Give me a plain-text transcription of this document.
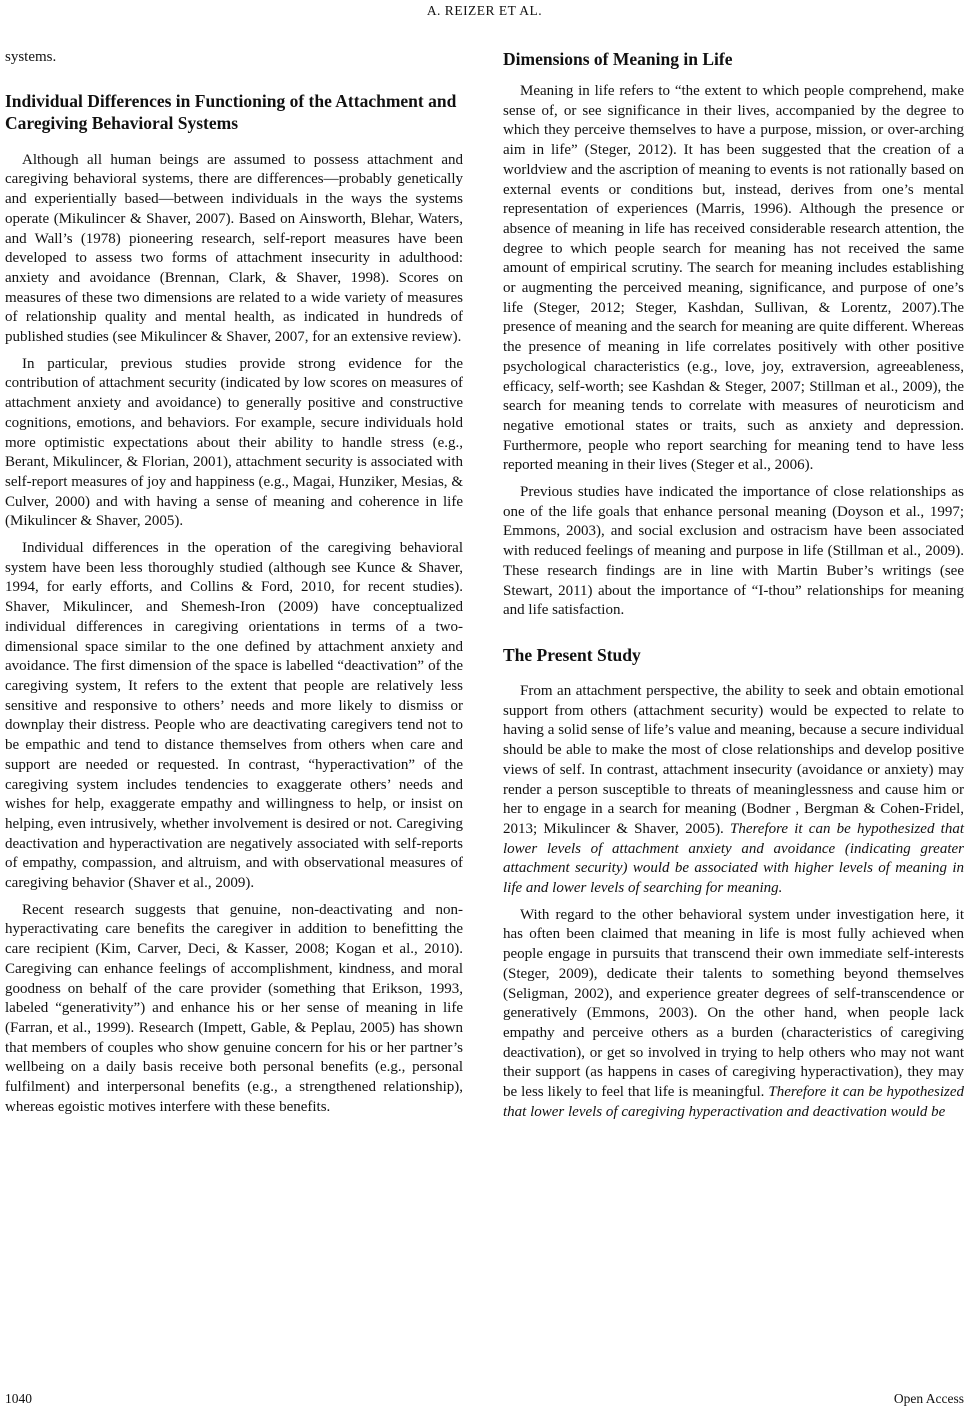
A. REIZER ET AL.

systems.

Individual Differences in Functioning of the Attachment and Caregiving Behavioral Systems

Although all human beings are assumed to possess attachment and caregiving behavioral systems, there are differences—probably genetically and experientially based—between individuals in the ways the systems operate (Mikulincer & Shaver, 2007). Based on Ainsworth, Blehar, Waters, and Wall’s (1978) pioneering research, self-report measures have been developed to assess two forms of attachment insecurity in adulthood: anxiety and avoidance (Brennan, Clark, & Shaver, 1998). Scores on measures of these two dimensions are related to a wide variety of measures of relationship quality and mental health, as indicated in hundreds of published studies (see Mikulincer & Shaver, 2007, for an extensive review).

In particular, previous studies provide strong evidence for the contribution of attachment security (indicated by low scores on measures of attachment anxiety and avoidance) to generally positive and constructive cognitions, emotions, and behaviors. For example, secure individuals hold more optimistic expectations about their ability to handle stress (e.g., Berant, Mikulincer, & Florian, 2001), attachment security is associated with self-report measures of joy and happiness (e.g., Magai, Hunziker, Mesias, & Culver, 2000) and with having a sense of meaning and coherence in life (Mikulincer & Shaver, 2005).

Individual differences in the operation of the caregiving behavioral system have been less thoroughly studied (although see Kunce & Shaver, 1994, for early efforts, and Collins & Ford, 2010, for recent studies). Shaver, Mikulincer, and Shemesh-Iron (2009) have conceptualized individual differences in caregiving orientations in terms of a two-dimensional space similar to the one defined by attachment anxiety and avoidance. The first dimension of the space is labelled “deactivation” of the caregiving system, It refers to the extent that people are relatively less sensitive and responsive to others’ needs and more likely to dismiss or downplay their distress. People who are deactivating caregivers tend not to be empathic and tend to distance themselves from others when care and support are needed or requested. In contrast, “hyperactivation” of the caregiving system includes tendencies to exaggerate others’ needs and wishes for help, exaggerate empathy and willingness to help, or insist on helping, even intrusively, whether involvement is desired or not. Caregiving deactivation and hyperactivation are negatively associated with self-reports of empathy, compassion, and altruism, and with observational measures of caregiving behavior (Shaver et al., 2009).

Recent research suggests that genuine, non-deactivating and non-hyperactivating care benefits the caregiver in addition to benefitting the care recipient (Kim, Carver, Deci, & Kasser, 2008; Kogan et al., 2010). Caregiving can enhance feelings of accomplishment, kindness, and moral goodness on behalf of the care provider (something that Erikson, 1993, labeled “generativity”) and enhance his or her sense of meaning in life (Farran, et al., 1999). Research (Impett, Gable, & Peplau, 2005) has shown that members of couples who show genuine concern for his or her partner’s wellbeing on a daily basis receive both personal benefits (e.g., personal fulfilment) and interpersonal benefits (e.g., a strengthened relationship), whereas egoistic motives interfere with these benefits.

Dimensions of Meaning in Life

Meaning in life refers to “the extent to which people comprehend, make sense of, or see significance in their lives, accompanied by the degree to which they perceive themselves to have a purpose, mission, or over-arching aim in life” (Steger, 2012). It has been suggested that the creation of a worldview and the ascription of meaning to events is not rationally based on external events or conditions but, instead, derives from one’s mental representation of experiences (Marris, 1996). Although the presence or absence of meaning in life has received considerable research attention, the degree to which people search for meaning has not received the same amount of empirical scrutiny. The search for meaning includes establishing or augmenting the perceived meaning, significance, and purpose of one’s life (Steger, 2012; Steger, Kashdan, Sullivan, & Lorentz, 2007).The presence of meaning and the search for meaning are quite different. Whereas the presence of meaning in life correlates positively with other positive psychological characteristics (e.g., love, joy, extraversion, agreeableness, efficacy, self-worth; see Kashdan & Steger, 2007; Stillman et al., 2009), the search for meaning tends to correlate with measures of neuroticism and negative emotional states or traits, such as anxiety and depression. Furthermore, people who report searching for meaning tend to have less reported meaning in their lives (Steger et al., 2006).

Previous studies have indicated the importance of close relationships as one of the life goals that enhance personal meaning (Doyson et al., 1997; Emmons, 2003), and social exclusion and ostracism have been associated with reduced feelings of meaning and purpose in life (Stillman et al., 2009). These research findings are in line with Martin Buber’s writings (see Stewart, 2011) about the importance of “I-thou” relationships for meaning and life satisfaction.

The Present Study

From an attachment perspective, the ability to seek and obtain emotional support from others (attachment security) would be expected to relate to having a solid sense of life’s value and meaning, because a secure individual should be able to make the most of close relationships and develop positive views of self. In contrast, attachment insecurity (avoidance or anxiety) may render a person susceptible to threats of meaninglessness and cause him or her to engage in a search for meaning (Bodner , Bergman & Cohen-Fridel, 2013; Mikulincer & Shaver, 2005). Therefore it can be hypothesized that lower levels of attachment anxiety and avoidance (indicating greater attachment security) would be associated with higher levels of meaning in life and lower levels of searching for meaning.

With regard to the other behavioral system under investigation here, it has often been claimed that meaning in life is most fully achieved when people engage in pursuits that transcend their own immediate self-interests (Steger, 2009), dedicate their talents to something beyond themselves (Seligman, 2002), and experience greater degrees of self-transcendence or generatively (Emmons, 2003). On the other hand, when people lack empathy and perceive others as a burden (characteristics of caregiving deactivation), or get so involved in trying to help others who may not want their support (as happens in cases of caregiving hyperactivation), they may be less likely to feel that life is meaningful. Therefore it can be hypothesized that lower levels of caregiving hyperactivation and deactivation would be

1040	Open Access
